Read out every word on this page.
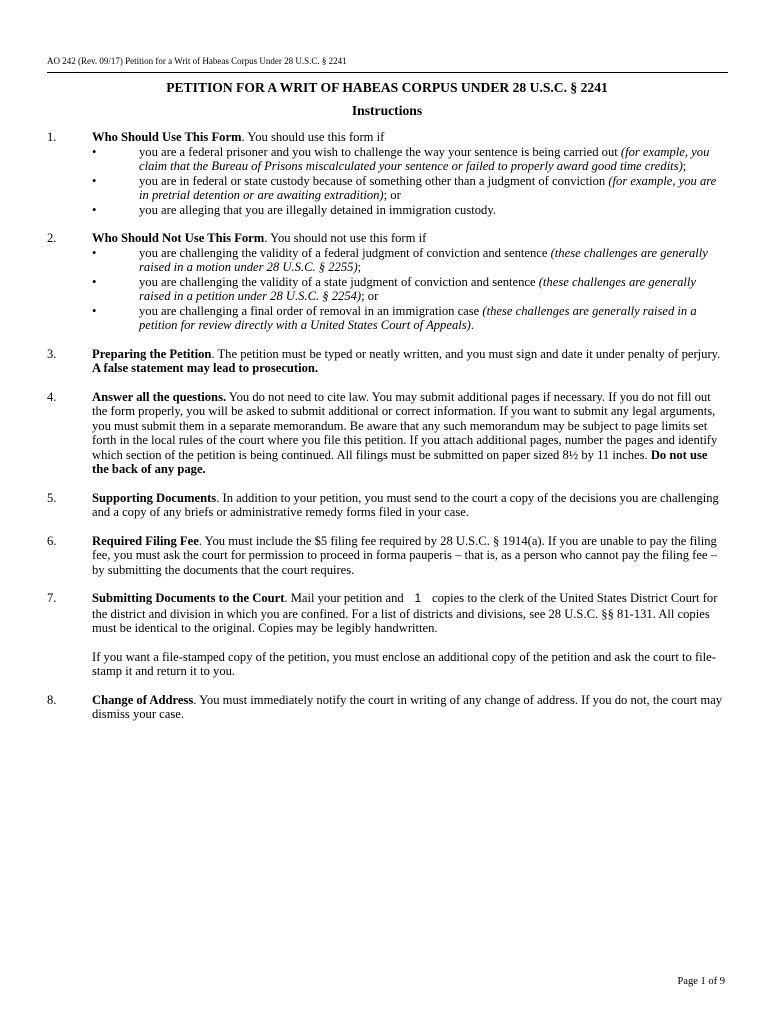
AO 242 (Rev. 09/17) Petition for a Writ of Habeas Corpus Under 28 U.S.C. § 2241
PETITION FOR A WRIT OF HABEAS CORPUS UNDER 28 U.S.C. § 2241
Instructions
1.	Who Should Use This Form. You should use this form if
•	you are a federal prisoner and you wish to challenge the way your sentence is being carried out (for example, you claim that the Bureau of Prisons miscalculated your sentence or failed to properly award good time credits);
•	you are in federal or state custody because of something other than a judgment of conviction (for example, you are in pretrial detention or are awaiting extradition); or
•	you are alleging that you are illegally detained in immigration custody.
2.	Who Should Not Use This Form. You should not use this form if
•	you are challenging the validity of a federal judgment of conviction and sentence (these challenges are generally raised in a motion under 28 U.S.C. § 2255);
•	you are challenging the validity of a state judgment of conviction and sentence (these challenges are generally raised in a petition under 28 U.S.C. § 2254); or
•	you are challenging a final order of removal in an immigration case (these challenges are generally raised in a petition for review directly with a United States Court of Appeals).
3.	Preparing the Petition. The petition must be typed or neatly written, and you must sign and date it under penalty of perjury. A false statement may lead to prosecution.
4.	Answer all the questions. You do not need to cite law. You may submit additional pages if necessary. If you do not fill out the form properly, you will be asked to submit additional or correct information. If you want to submit any legal arguments, you must submit them in a separate memorandum. Be aware that any such memorandum may be subject to page limits set forth in the local rules of the court where you file this petition. If you attach additional pages, number the pages and identify which section of the petition is being continued. All filings must be submitted on paper sized 8½ by 11 inches. Do not use the back of any page.
5.	Supporting Documents. In addition to your petition, you must send to the court a copy of the decisions you are challenging and a copy of any briefs or administrative remedy forms filed in your case.
6.	Required Filing Fee. You must include the $5 filing fee required by 28 U.S.C. § 1914(a). If you are unable to pay the filing fee, you must ask the court for permission to proceed in forma pauperis – that is, as a person who cannot pay the filing fee – by submitting the documents that the court requires.
7.	Submitting Documents to the Court. Mail your petition and 1 copies to the clerk of the United States District Court for the district and division in which you are confined. For a list of districts and divisions, see 28 U.S.C. §§ 81-131. All copies must be identical to the original. Copies may be legibly handwritten.
If you want a file-stamped copy of the petition, you must enclose an additional copy of the petition and ask the court to file-stamp it and return it to you.
8.	Change of Address. You must immediately notify the court in writing of any change of address. If you do not, the court may dismiss your case.
Page 1 of 9
